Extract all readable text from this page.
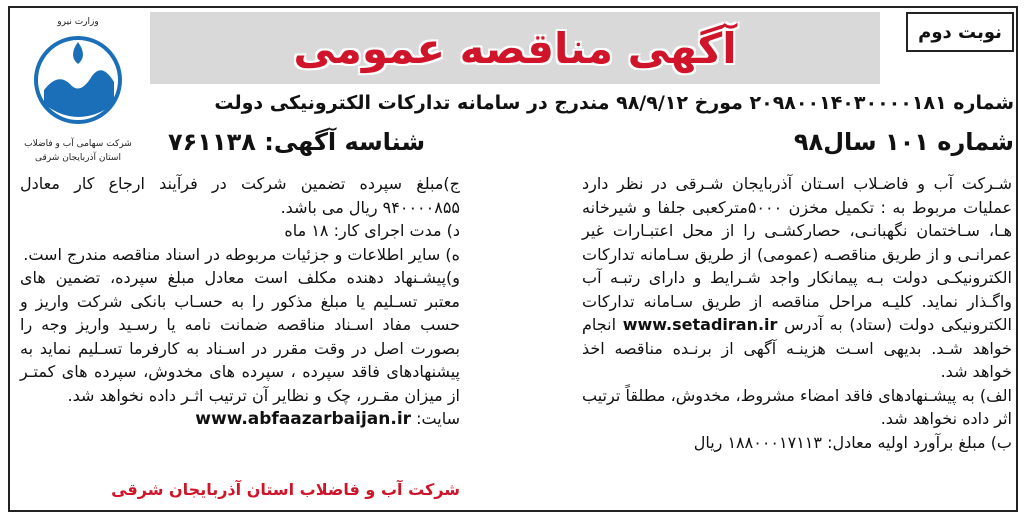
وزارت نیرو
شرکت سهامی آب و فاضلاب
استان آذربایجان شرقی
نوبت دوم
آگهی مناقصه عمومی
شماره ۲۰۹۸۰۰۱۴۰۳۰۰۰۰۱۸۱ مورخ ۹۸/۹/۱۲ مندرج در سامانه تدارکات الکترونیکی دولت
شماره ۱۰۱ سال۹۸
شناسه آگهی: ۷۶۱۱۳۸

شـرکت آب و فاضـلاب اسـتان آذربایجان شـرقی در نظر دارد عملیات مربوط به : تکمیل مخزن ۵۰۰۰مترکعبی جلفا و شیرخانه هـا، سـاختمان نگهبانـی، حصارکشـی را از محل اعتبـارات غیر عمرانـی و از طریق مناقصـه (عمومی) از طریق سـامانه تدارکات الکترونیکـی دولت بـه پیمانکار واجد شـرایط و دارای رتبـه آب واگـذار نماید. کلیـه مراحل مناقصه از طریق سـامانه تدارکات الکترونیکی دولت (ستاد) به آدرس www.setadiran.ir انجام خواهد شـد. بدیهی اسـت هزینـه آگهی از برنـده مناقصه اخذ خواهد شد.

الف) به پیشـنهادهای فاقد امضاء مشروط، مخدوش، مطلقاً ترتیب اثر داده نخواهد شد.

ب) مبلغ برآورد اولیه معادل: ۱۸۸۰۰۰۱۷۱۱۳ ریال

ج)مبلغ سپرده تضمین شرکت در فرآیند ارجاع کار معادل ۹۴۰۰۰۰۸۵۵ ریال می باشد.

د) مدت اجرای کار: ۱۸ ماه

ه) سایر اطلاعات و جزئیات مربوطه در اسناد مناقصه مندرج است.

و)پیشـنهاد دهنده مکلف است معادل مبلغ سپرده، تضمین های معتبر تسـلیم یا مبلغ مذکور را به حسـاب بانکی شرکت واریز و حسب مفاد اسـناد مناقصه ضمانت نامه یا رسـید واریز وجه را بصورت اصل در وقت مقرر در اسـناد به کارفرما تسـلیم نماید به پیشنهادهای فاقد سپرده ، سپرده های مخدوش، سپرده های کمتـر از میزان مقـرر، چک و نظایر آن ترتیب اثـر داده نخواهد شد.

سایت: www.abfaazarbaijan.ir

شرکت آب و فاضلاب استان آذربایجان شرقی
